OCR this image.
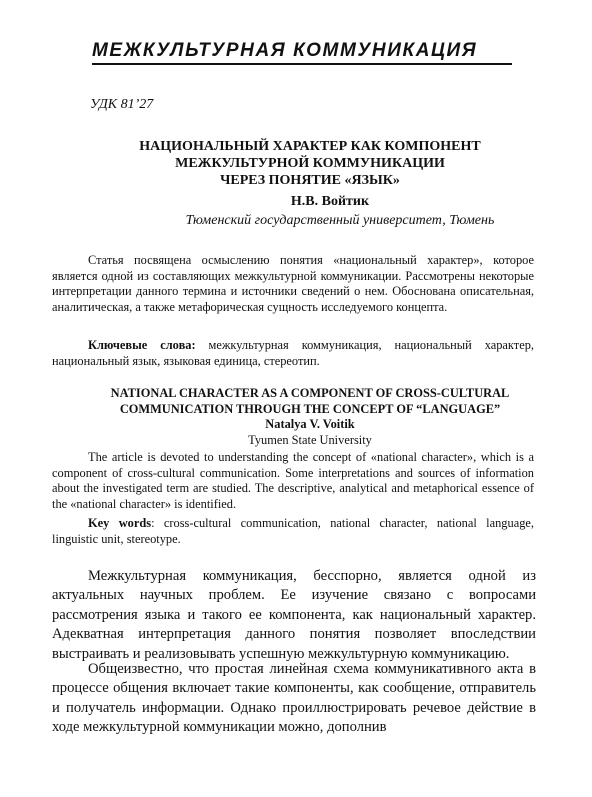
МЕЖКУЛЬТУРНАЯ КОММУНИКАЦИЯ
УДК 81’27
НАЦИОНАЛЬНЫЙ ХАРАКТЕР КАК КОМПОНЕНТ
МЕЖКУЛЬТУРНОЙ КОММУНИКАЦИИ
ЧЕРЕЗ ПОНЯТИЕ «ЯЗЫК»
Н.В. Войтик
Тюменский государственный университет, Тюмень

Статья посвящена осмыслению понятия «национальный характер», которое является одной из составляющих межкультурной коммуникации. Рассмотрены некоторые интерпретации данного термина и источники сведений о нем. Обоснована описательная, аналитическая, а также метафорическая сущность исследуемого концепта.

Ключевые слова: межкультурная коммуникация, национальный характер, национальный язык, языковая единица, стереотип.

NATIONAL CHARACTER AS A COMPONENT OF CROSS-CULTURAL
COMMUNICATION THROUGH THE CONCEPT OF “LANGUAGE”
Natalya V. Voitik
Tyumen State University

The article is devoted to understanding the concept of «national character», which is a component of cross-cultural communication. Some interpretations and sources of information about the investigated term are studied. The descriptive, analytical and metaphorical essence of the «national character» is identified.

Key words: cross-cultural communication, national character, national language, linguistic unit, stereotype.

Межкультурная коммуникация, бесспорно, является одной из актуальных научных проблем. Ее изучение связано с вопросами рассмотрения языка и такого ее компонента, как национальный характер. Адекватная интерпретация данного понятия позволяет впоследствии выстраивать и реализовывать успешную межкультурную коммуникацию.

Общеизвестно, что простая линейная схема коммуникативного акта в процессе общения включает такие компоненты, как сообщение, отправитель и получатель информации. Однако проиллюстрировать речевое действие в ходе межкультурной коммуникации можно, дополнив
